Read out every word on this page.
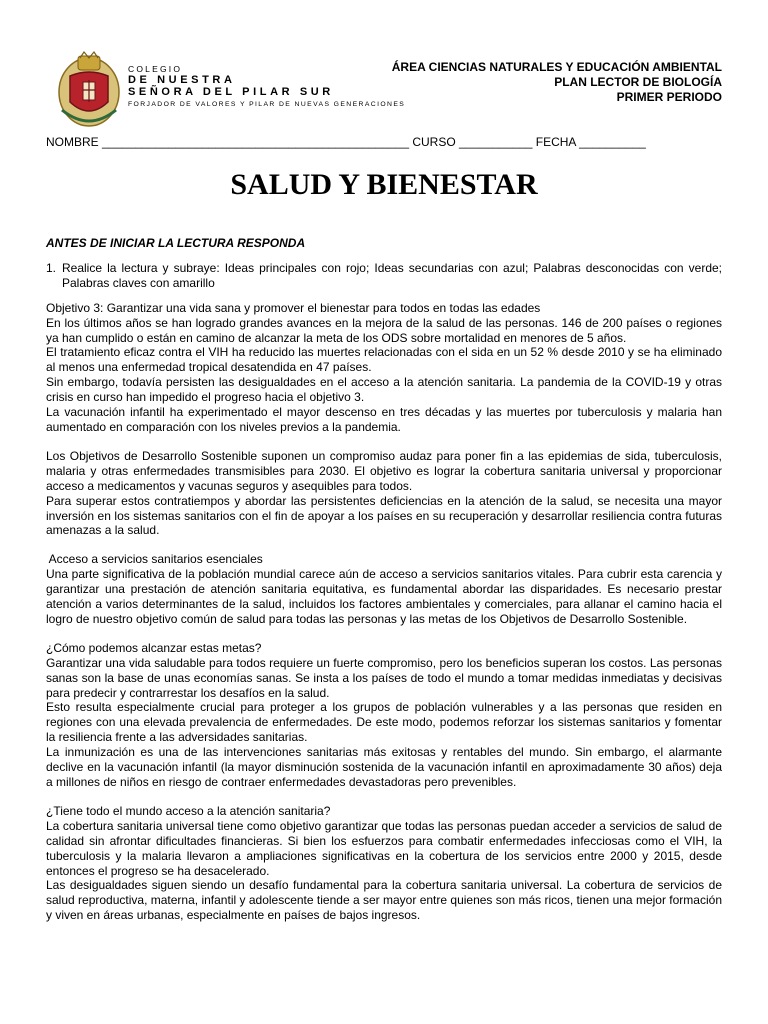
COLEGIO
DE NUESTRA
SEÑORA DEL PILAR SUR
FORJADOR DE VALORES Y PILAR DE NUEVAS GENERACIONES
ÁREA CIENCIAS NATURALES Y EDUCACIÓN AMBIENTAL
PLAN LECTOR DE BIOLOGÍA
PRIMER PERIODO
NOMBRE ______________________________________________ CURSO ___________ FECHA __________
SALUD Y BIENESTAR

ANTES DE INICIAR LA LECTURA RESPONDA

1. Realice la lectura y subraye: Ideas principales con rojo; Ideas secundarias con azul; Palabras desconocidas con verde; Palabras claves con amarillo

Objetivo 3: Garantizar una vida sana y promover el bienestar para todos en todas las edades

En los últimos años se han logrado grandes avances en la mejora de la salud de las personas. 146 de 200 países o regiones ya han cumplido o están en camino de alcanzar la meta de los ODS sobre mortalidad en menores de 5 años.

El tratamiento eficaz contra el VIH ha reducido las muertes relacionadas con el sida en un 52 % desde 2010 y se ha eliminado al menos una enfermedad tropical desatendida en 47 países.

Sin embargo, todavía persisten las desigualdades en el acceso a la atención sanitaria. La pandemia de la COVID-19 y otras crisis en curso han impedido el progreso hacia el objetivo 3.

La vacunación infantil ha experimentado el mayor descenso en tres décadas y las muertes por tuberculosis y malaria han aumentado en comparación con los niveles previos a la pandemia.

Los Objetivos de Desarrollo Sostenible suponen un compromiso audaz para poner fin a las epidemias de sida, tuberculosis, malaria y otras enfermedades transmisibles para 2030. El objetivo es lograr la cobertura sanitaria universal y proporcionar acceso a medicamentos y vacunas seguros y asequibles para todos.

Para superar estos contratiempos y abordar las persistentes deficiencias en la atención de la salud, se necesita una mayor inversión en los sistemas sanitarios con el fin de apoyar a los países en su recuperación y desarrollar resiliencia contra futuras amenazas a la salud.

Acceso a servicios sanitarios esenciales

Una parte significativa de la población mundial carece aún de acceso a servicios sanitarios vitales. Para cubrir esta carencia y garantizar una prestación de atención sanitaria equitativa, es fundamental abordar las disparidades. Es necesario prestar atención a varios determinantes de la salud, incluidos los factores ambientales y comerciales, para allanar el camino hacia el logro de nuestro objetivo común de salud para todas las personas y las metas de los Objetivos de Desarrollo Sostenible.

¿Cómo podemos alcanzar estas metas?

Garantizar una vida saludable para todos requiere un fuerte compromiso, pero los beneficios superan los costos. Las personas sanas son la base de unas economías sanas. Se insta a los países de todo el mundo a tomar medidas inmediatas y decisivas para predecir y contrarrestar los desafíos en la salud.

Esto resulta especialmente crucial para proteger a los grupos de población vulnerables y a las personas que residen en regiones con una elevada prevalencia de enfermedades. De este modo, podemos reforzar los sistemas sanitarios y fomentar la resiliencia frente a las adversidades sanitarias.

La inmunización es una de las intervenciones sanitarias más exitosas y rentables del mundo. Sin embargo, el alarmante declive en la vacunación infantil (la mayor disminución sostenida de la vacunación infantil en aproximadamente 30 años) deja a millones de niños en riesgo de contraer enfermedades devastadoras pero prevenibles.

¿Tiene todo el mundo acceso a la atención sanitaria?

La cobertura sanitaria universal tiene como objetivo garantizar que todas las personas puedan acceder a servicios de salud de calidad sin afrontar dificultades financieras. Si bien los esfuerzos para combatir enfermedades infecciosas como el VIH, la tuberculosis y la malaria llevaron a ampliaciones significativas en la cobertura de los servicios entre 2000 y 2015, desde entonces el progreso se ha desacelerado.

Las desigualdades siguen siendo un desafío fundamental para la cobertura sanitaria universal. La cobertura de servicios de salud reproductiva, materna, infantil y adolescente tiende a ser mayor entre quienes son más ricos, tienen una mejor formación y viven en áreas urbanas, especialmente en países de bajos ingresos.
